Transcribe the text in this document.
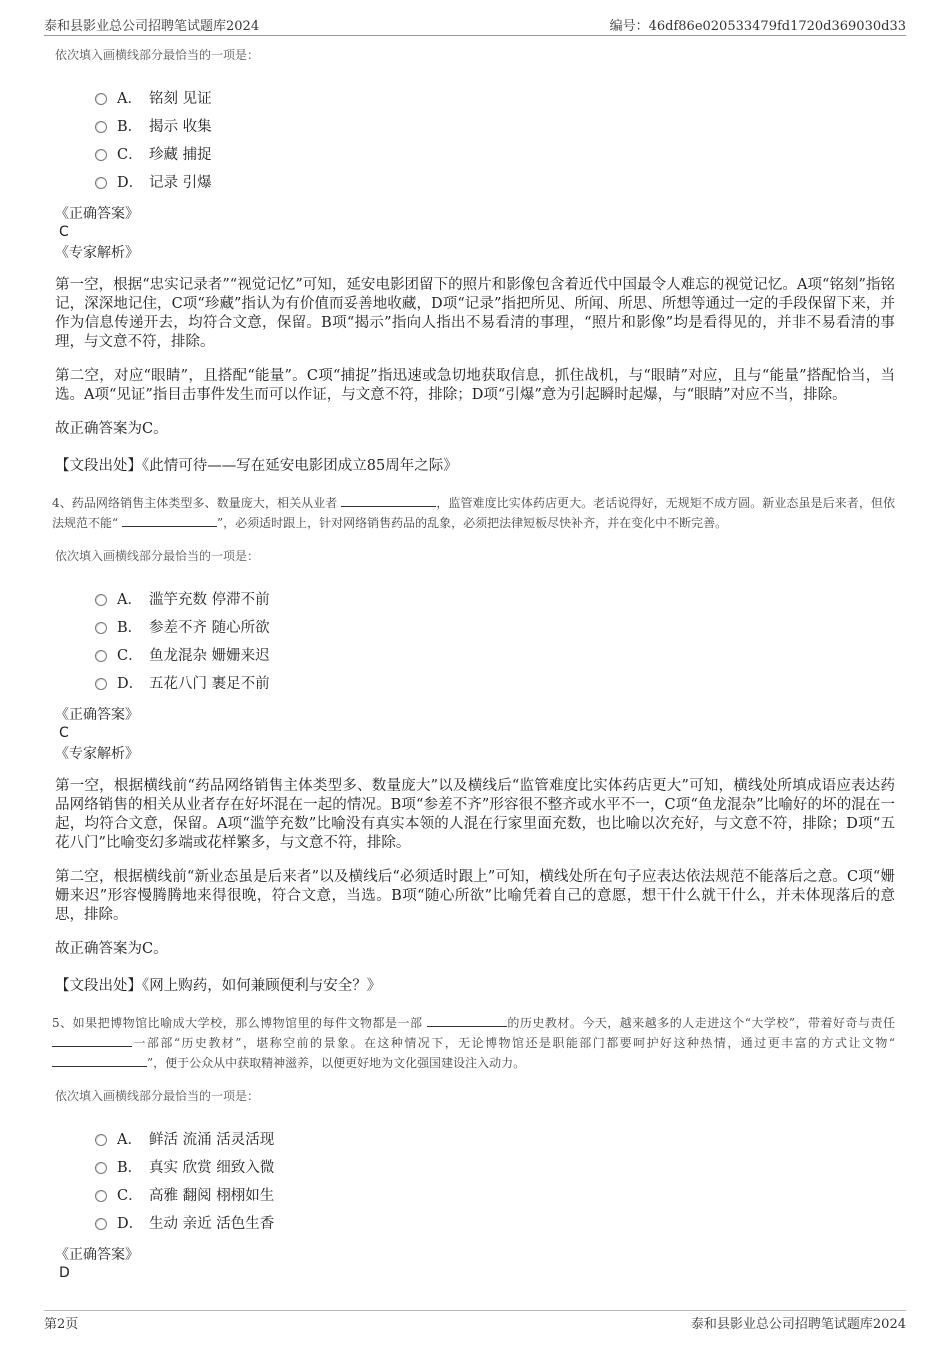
泰和县影业总公司招聘笔试题库2024	编号：46df86e020533479fd1720d369030d33

依次填入画横线部分最恰当的一项是：

A． 铭刻 见证
B． 揭示 收集
C． 珍藏 捕捉
D． 记录 引爆
《正确答案》
C
《专家解析》

第一空，根据“忠实记录者”“视觉记忆”可知，延安电影团留下的照片和影像包含着近代中国最令人难忘的视觉记忆。A项“铭刻”指铭记，深深地记住，C项“珍藏”指认为有价值而妥善地收藏，D项“记录”指把所见、所闻、所思、所想等通过一定的手段保留下来，并作为信息传递开去，均符合文意，保留。B项“揭示”指向人指出不易看清的事理，“照片和影像”均是看得见的，并非不易看清的事理，与文意不符，排除。

第二空，对应“眼睛”，且搭配“能量”。C项“捕捉”指迅速或急切地获取信息，抓住战机，与“眼睛”对应，且与“能量”搭配恰当，当选。A项“见证”指目击事件发生而可以作证，与文意不符，排除；D项“引爆”意为引起瞬时起爆，与“眼睛”对应不当，排除。

故正确答案为C。

【文段出处】《此情可待——写在延安电影团成立85周年之际》

4、药品网络销售主体类型多、数量庞大，相关从业者	，监管难度比实体药店更大。老话说得好，无规矩不成方圆。新业态虽是后来者，但依法规范不能“	”，必须适时跟上，针对网络销售药品的乱象，必须把法律短板尽快补齐，并在变化中不断完善。

依次填入画横线部分最恰当的一项是：

A． 滥竽充数 停滞不前
B． 参差不齐 随心所欲
C． 鱼龙混杂 姗姗来迟
D． 五花八门 裹足不前
《正确答案》
C
《专家解析》

第一空，根据横线前“药品网络销售主体类型多、数量庞大”以及横线后“监管难度比实体药店更大”可知，横线处所填成语应表达药品网络销售的相关从业者存在好坏混在一起的情况。B项“参差不齐”形容很不整齐或水平不一，C项“鱼龙混杂”比喻好的坏的混在一起，均符合文意，保留。A项“滥竽充数”比喻没有真实本领的人混在行家里面充数，也比喻以次充好，与文意不符，排除；D项“五花八门”比喻变幻多端或花样繁多，与文意不符，排除。

第二空，根据横线前“新业态虽是后来者”以及横线后“必须适时跟上”可知，横线处所在句子应表达依法规范不能落后之意。C项“姗姗来迟”形容慢腾腾地来得很晚，符合文意，当选。B项“随心所欲”比喻凭着自己的意愿，想干什么就干什么，并未体现落后的意思，排除。

故正确答案为C。

【文段出处】《网上购药，如何兼顾便利与安全？》

5、如果把博物馆比喻成大学校，那么博物馆里的每件文物都是一部	的历史教材。今天，越来越多的人走进这个“大学校”，带着好奇与责任 一部部“历史教材”，堪称空前的景象。在这种情况下，无论博物馆还是职能部门都要呵护好这种热情，通过更丰富的方式让文物“ ”，便于公众从中获取精神滋养，以便更好地为文化强国建设注入动力。

依次填入画横线部分最恰当的一项是：

A． 鲜活 流涌 活灵活现
B． 真实 欣赏 细致入微
C． 高雅 翻阅 栩栩如生
D． 生动 亲近 活色生香
《正确答案》
D
第2页	泰和县影业总公司招聘笔试题库2024
